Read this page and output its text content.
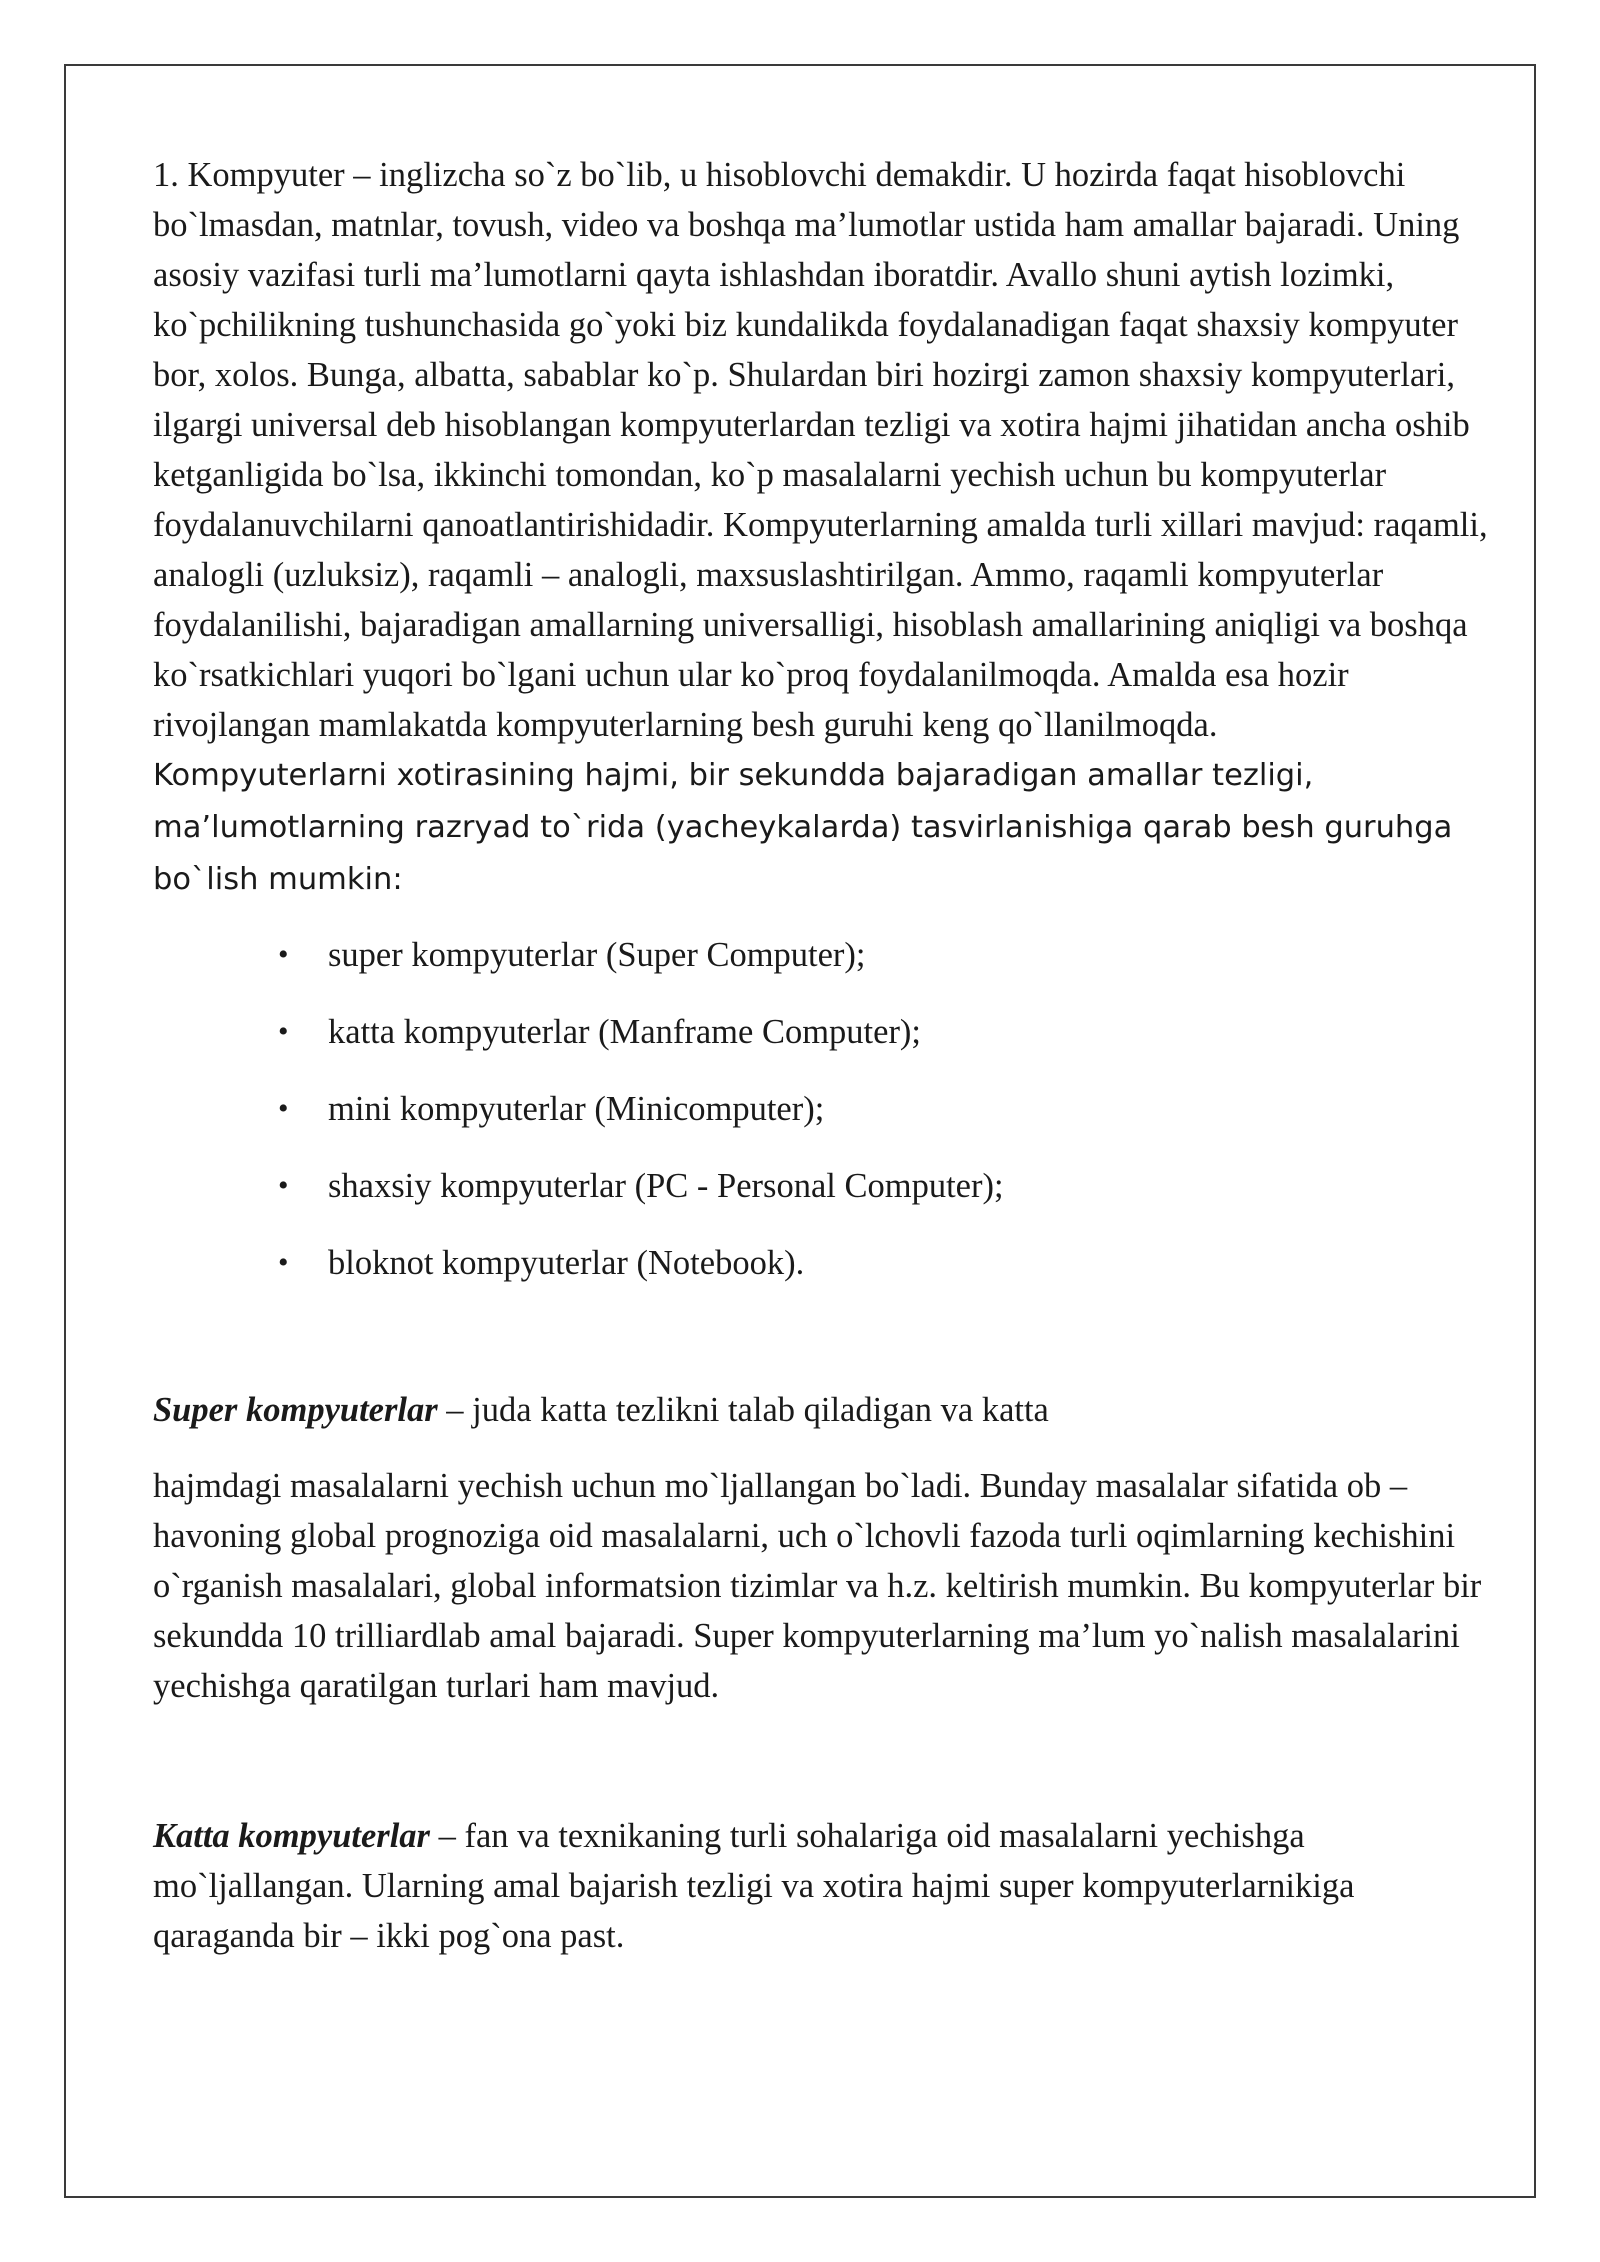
1. Kompyuter – inglizcha so`z bo`lib, u hisoblovchi demakdir. U hozirda faqat hisoblovchi bo`lmasdan, matnlar, tovush, video va boshqa ma’lumotlar ustida ham amallar bajaradi. Uning asosiy vazifasi turli ma’lumotlarni qayta ishlashdan iboratdir. Avallo shuni aytish lozimki, ko`pchilikning tushunchasida go`yoki biz kundalikda foydalanadigan faqat shaxsiy kompyuter bor, xolos. Bunga, albatta, sabablar ko`p. Shulardan biri hozirgi zamon shaxsiy kompyuterlari, ilgargi universal deb hisoblangan kompyuterlardan tezligi va xotira hajmi jihatidan ancha oshib ketganligida bo`lsa, ikkinchi tomondan, ko`p masalalarni yechish uchun bu kompyuterlar foydalanuvchilarni qanoatlantirishidadir. Kompyuterlarning amalda turli xillari mavjud: raqamli, analogli (uzluksiz), raqamli – analogli, maxsuslashtirilgan. Ammo, raqamli kompyuterlar foydalanilishi, bajaradigan amallarning universalligi, hisoblash amallarining aniqligi va boshqa ko`rsatkichlari yuqori bo`lgani uchun ular ko`proq foydalanilmoqda. Amalda esa hozir rivojlangan mamlakatda kompyuterlarning besh guruhi keng qo`llanilmoqda.

Kompyuterlarni xotirasining hajmi, bir sekundda bajaradigan amallar tezligi, ma’lumotlarning razryad to`rida (yacheykalarda) tasvirlanishiga qarab besh guruhga bo`lish mumkin:

• super kompyuterlar (Super Computer);
• katta kompyuterlar (Manframe Computer);
• mini kompyuterlar (Minicomputer);
• shaxsiy kompyuterlar (PC - Personal Computer);
• bloknot kompyuterlar (Notebook).

Super kompyuterlar – juda katta tezlikni talab qiladigan va katta

hajmdagi masalalarni yechish uchun mo`ljallangan bo`ladi. Bunday masalalar sifatida ob – havoning global prognoziga oid masalalarni, uch o`lchovli fazoda turli oqimlarning kechishini o`rganish masalalari, global informatsion tizimlar va h.z. keltirish mumkin. Bu kompyuterlar bir sekundda 10 trilliardlab amal bajaradi. Super kompyuterlarning ma’lum yo`nalish masalalarini yechishga qaratilgan turlari ham mavjud.

Katta kompyuterlar – fan va texnikaning turli sohalariga oid masalalarni yechishga mo`ljallangan. Ularning amal bajarish tezligi va xotira hajmi super kompyuterlarnikiga qaraganda bir – ikki pog`ona past.
